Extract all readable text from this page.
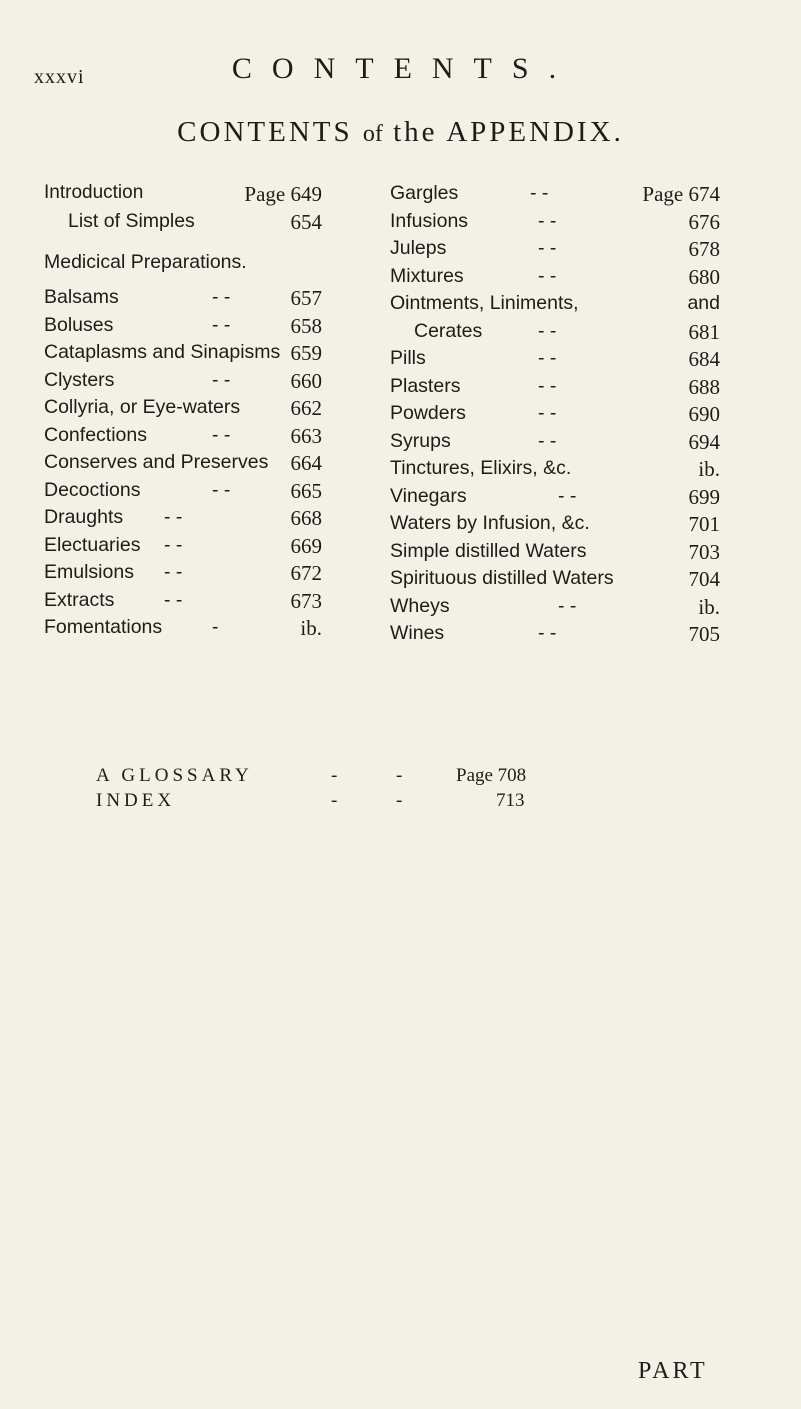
xxxvi	CONTENTS.
CONTENTS of the APPENDIX.
Introduction	Page 649
List of Simples	654
Medicical Preparations.
Balsams	- -	657
Boluses	- -	658
Cataplasms and Sinapisms 659
Clysters	- -	660
Collyria, or Eye-waters 662
Confections	- -	663
Conserves and Preserves 664
Decoctions	- -	665
Draughts - -	668
Electuaries - -	669
Emulsions - -	672
Extracts	- -	673
Fomentations	-	ib.
Gargles	- -	Page 674
Infusions	- -	676
Juleps	- -	678
Mixtures	- -	680
Ointments, Liniments,	and
Cerates	- -	681
Pills	- -	684
Plasters	- -	688
Powders	- -	690
Syrups	- -	694
Tinctures, Elixirs, &c.	ib.
Vinegars	- -	699
Waters by Infusion, &c.	701
Simple distilled Waters	703
Spirituous distilled Waters	704
Wheys	- -	ib.
Wines	- -	705
A GLOSSARY	-	-	Page 708
INDEX	-	-	713
PART
